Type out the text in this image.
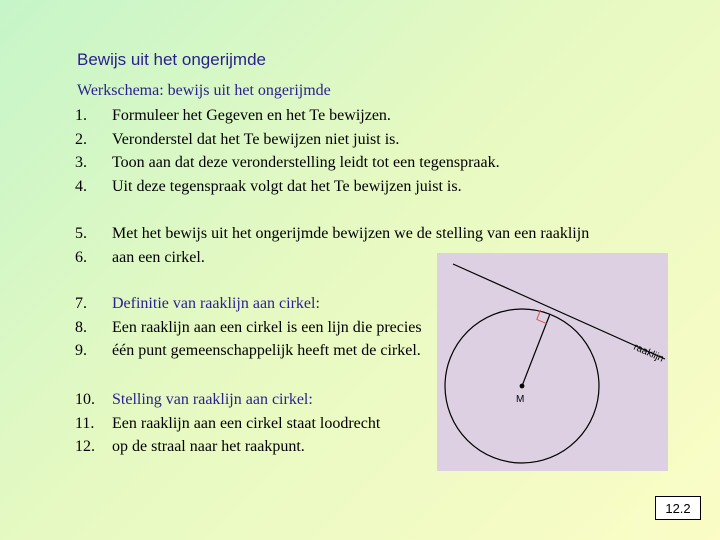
Bewijs uit het ongerijmde
Werkschema: bewijs uit het ongerijmde
1. Formuleer het Gegeven en het Te bewijzen.
2. Veronderstel dat het Te bewijzen niet juist is.
3. Toon aan dat deze veronderstelling leidt tot een tegenspraak.
4. Uit deze tegenspraak volgt dat het Te bewijzen juist is.
5. Met het bewijs uit het ongerijmde bewijzen we de stelling van een raaklijn
6. aan een cirkel.
7. Definitie van raaklijn aan cirkel:
8. Een raaklijn aan een cirkel is een lijn die precies
9. één punt gemeenschappelijk heeft met de cirkel.
10. Stelling van raaklijn aan cirkel:
11. Een raaklijn aan een cirkel staat loodrecht
12. op de straal naar het raakpunt.
M
raaklijn
12.2
